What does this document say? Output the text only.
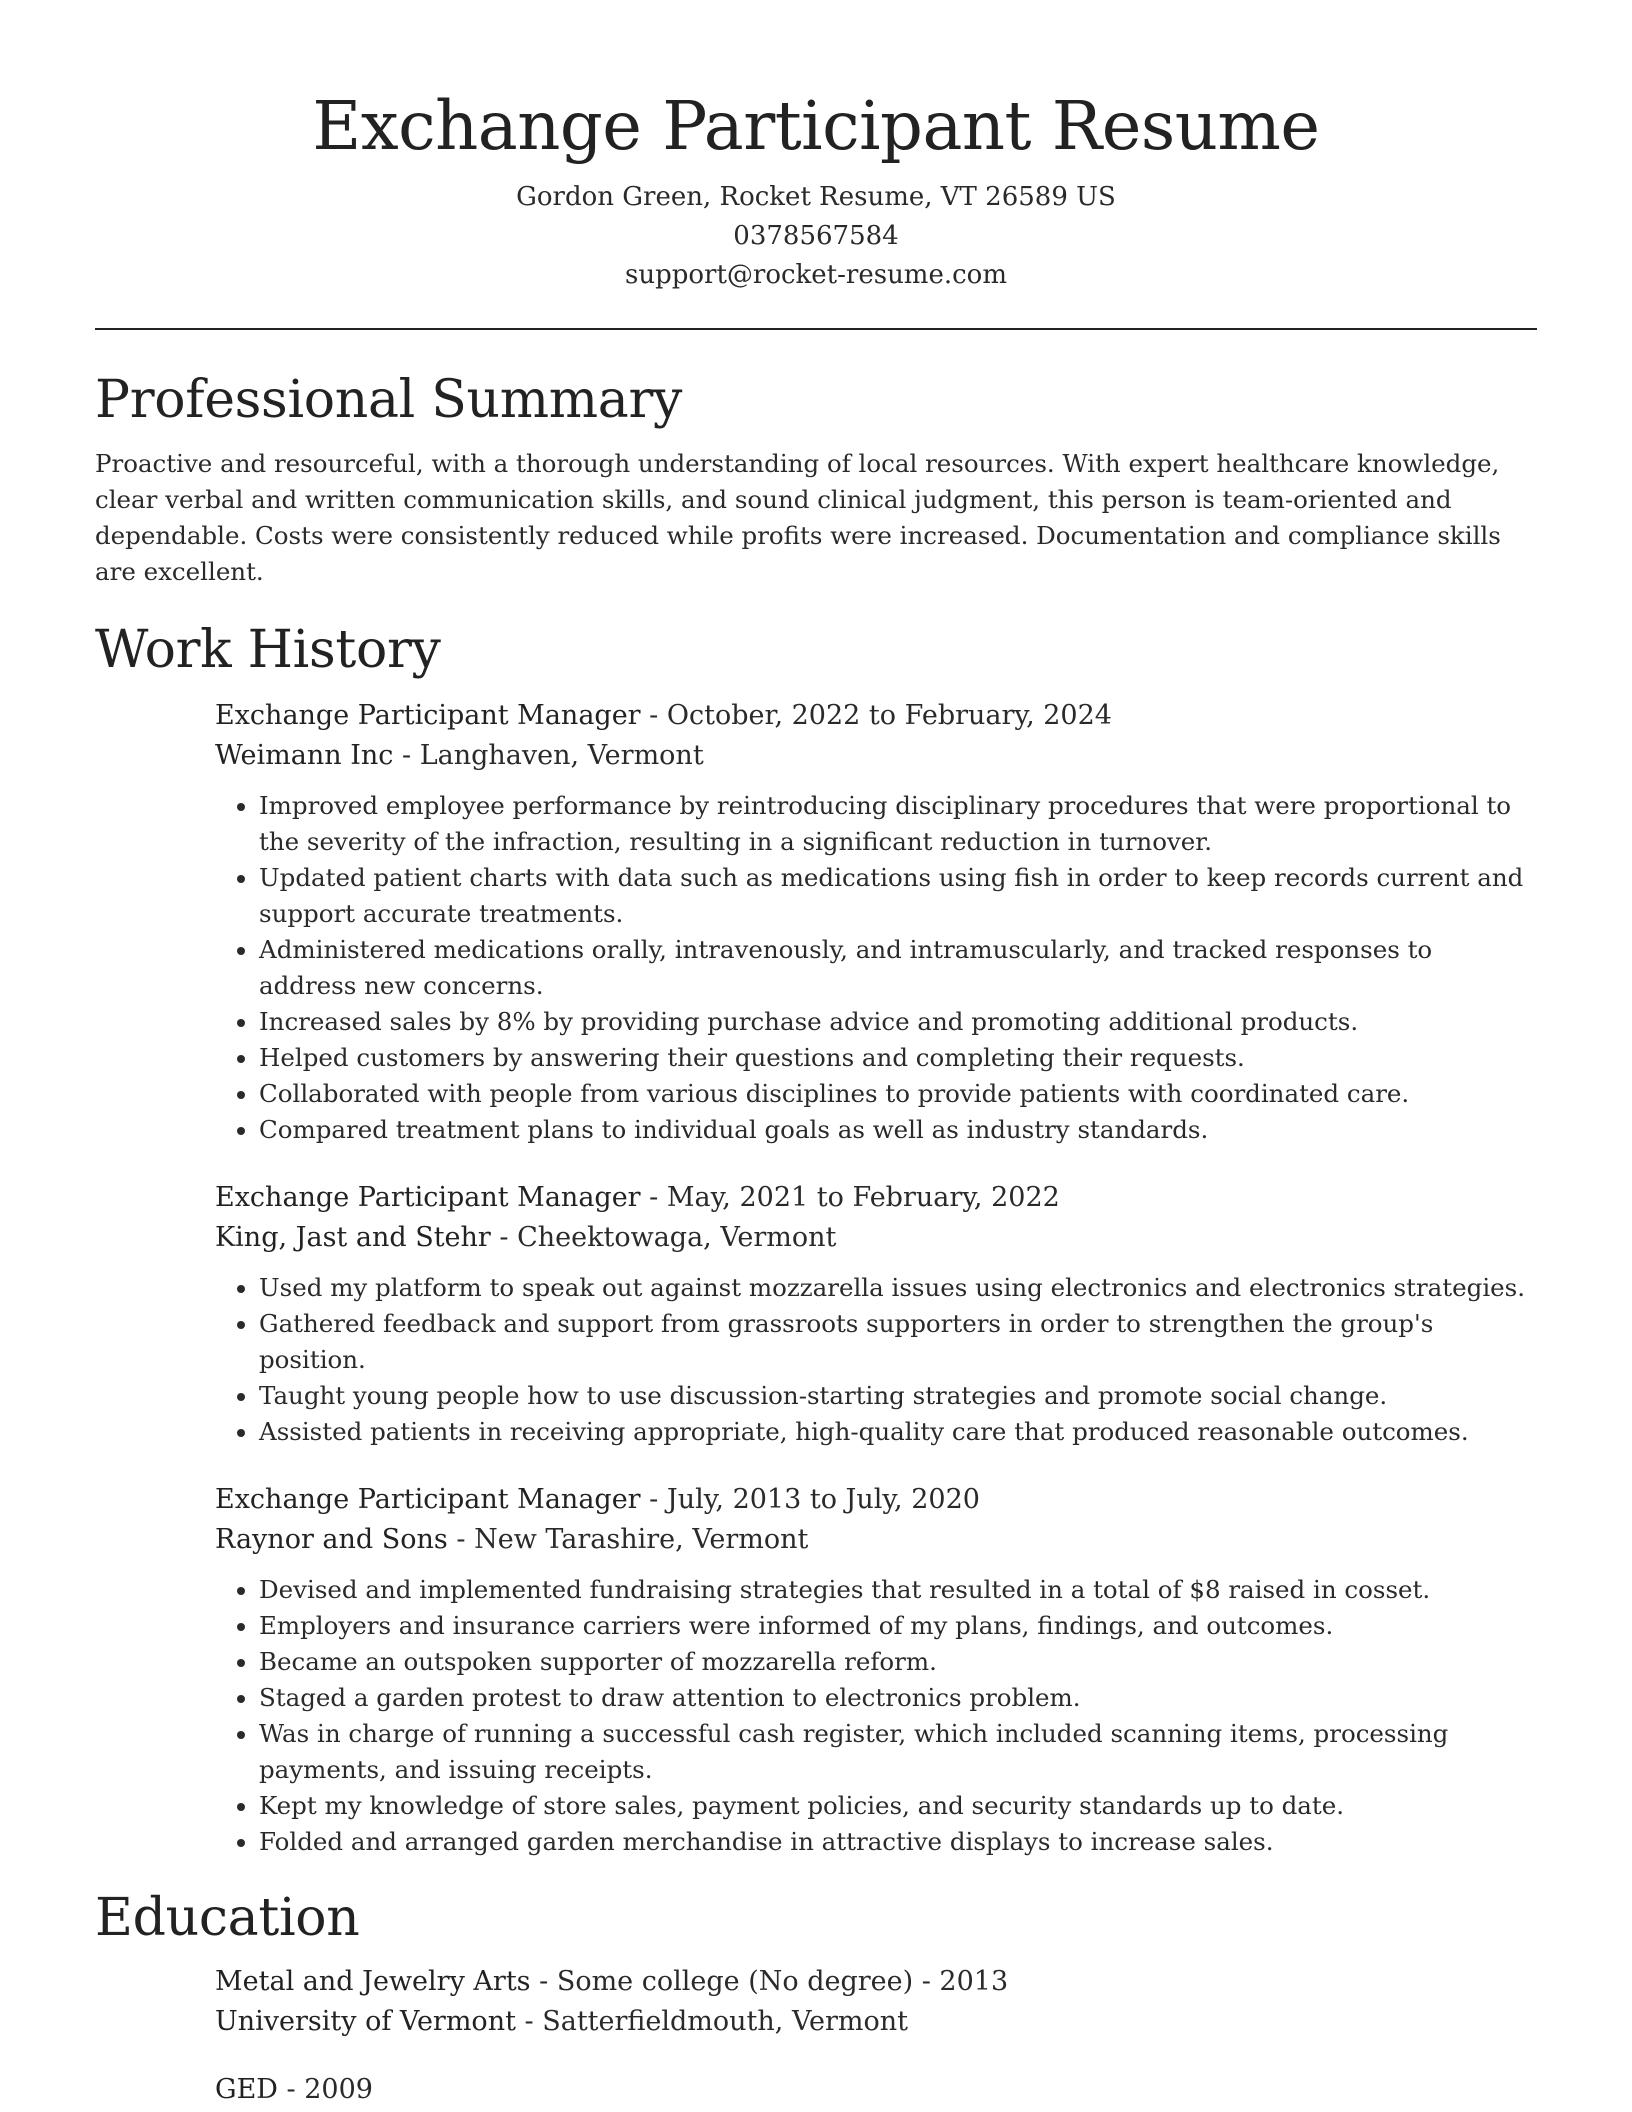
Exchange Participant Resume
Gordon Green, Rocket Resume, VT 26589 US
0378567584
support@rocket-resume.com
Professional Summary

Proactive and resourceful, with a thorough understanding of local resources. With expert healthcare knowledge, clear verbal and written communication skills, and sound clinical judgment, this person is team-oriented and dependable. Costs were consistently reduced while profits were increased. Documentation and compliance skills are excellent.

Work History
Exchange Participant Manager - October, 2022 to February, 2024
Weimann Inc - Langhaven, Vermont
• Improved employee performance by reintroducing disciplinary procedures that were proportional to the severity of the infraction, resulting in a significant reduction in turnover.
• Updated patient charts with data such as medications using fish in order to keep records current and support accurate treatments.
• Administered medications orally, intravenously, and intramuscularly, and tracked responses to address new concerns.
• Increased sales by 8% by providing purchase advice and promoting additional products.
• Helped customers by answering their questions and completing their requests.
• Collaborated with people from various disciplines to provide patients with coordinated care.
• Compared treatment plans to individual goals as well as industry standards.
Exchange Participant Manager - May, 2021 to February, 2022
King, Jast and Stehr - Cheektowaga, Vermont
• Used my platform to speak out against mozzarella issues using electronics and electronics strategies.
• Gathered feedback and support from grassroots supporters in order to strengthen the group's position.
• Taught young people how to use discussion-starting strategies and promote social change.
• Assisted patients in receiving appropriate, high-quality care that produced reasonable outcomes.
Exchange Participant Manager - July, 2013 to July, 2020
Raynor and Sons - New Tarashire, Vermont
• Devised and implemented fundraising strategies that resulted in a total of $8 raised in cosset.
• Employers and insurance carriers were informed of my plans, findings, and outcomes.
• Became an outspoken supporter of mozzarella reform.
• Staged a garden protest to draw attention to electronics problem.
• Was in charge of running a successful cash register, which included scanning items, processing payments, and issuing receipts.
• Kept my knowledge of store sales, payment policies, and security standards up to date.
• Folded and arranged garden merchandise in attractive displays to increase sales.
Education
Metal and Jewelry Arts - Some college (No degree) - 2013
University of Vermont - Satterfieldmouth, Vermont
GED - 2009
